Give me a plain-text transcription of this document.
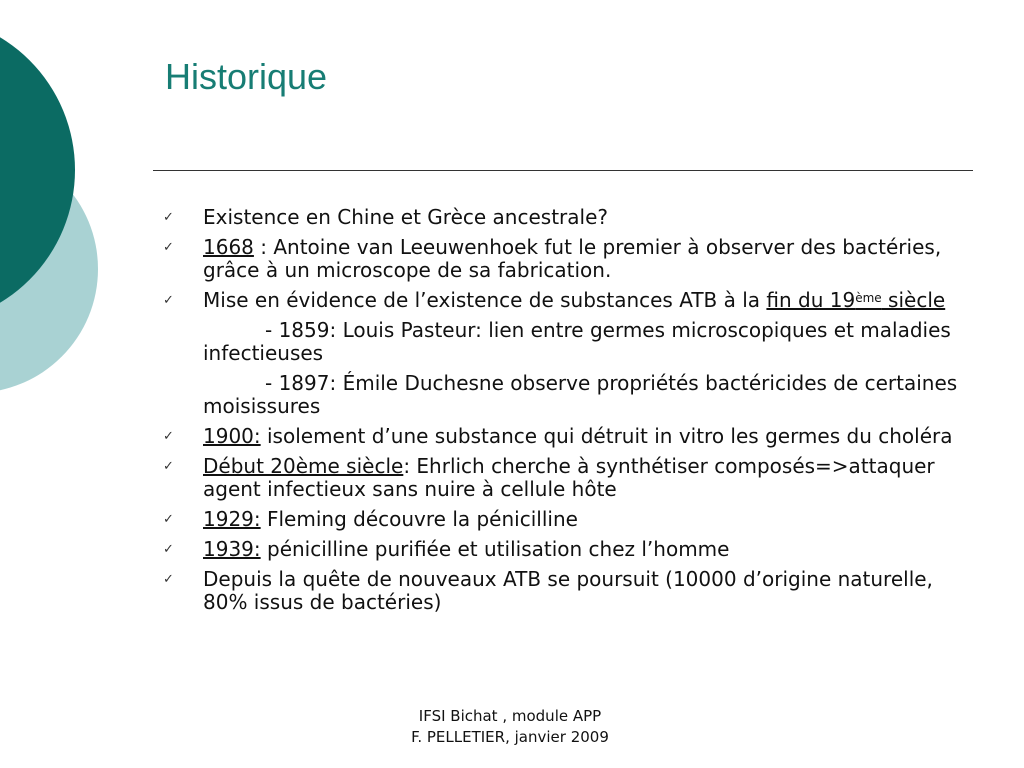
Historique
✓ Existence en Chine et Grèce ancestrale?
✓ 1668 : Antoine van Leeuwenhoek fut le premier à observer des bactéries, grâce à un microscope de sa fabrication.
✓ Mise en évidence de l’existence de substances ATB à la fin du 19ème siècle
- 1859: Louis Pasteur: lien entre germes microscopiques et maladies infectieuses
- 1897: Émile Duchesne observe propriétés bactéricides de certaines moisissures
✓ 1900: isolement d’une substance qui détruit in vitro les germes du choléra
✓ Début 20ème siècle: Ehrlich cherche à synthétiser composés=>attaquer agent infectieux sans nuire à cellule hôte
✓ 1929: Fleming découvre la pénicilline
✓ 1939: pénicilline purifiée et utilisation chez l’homme
✓ Depuis la quête de nouveaux ATB se poursuit (10000 d’origine naturelle, 80% issus de bactéries)
IFSI Bichat , module APP
F. PELLETIER, janvier 2009
